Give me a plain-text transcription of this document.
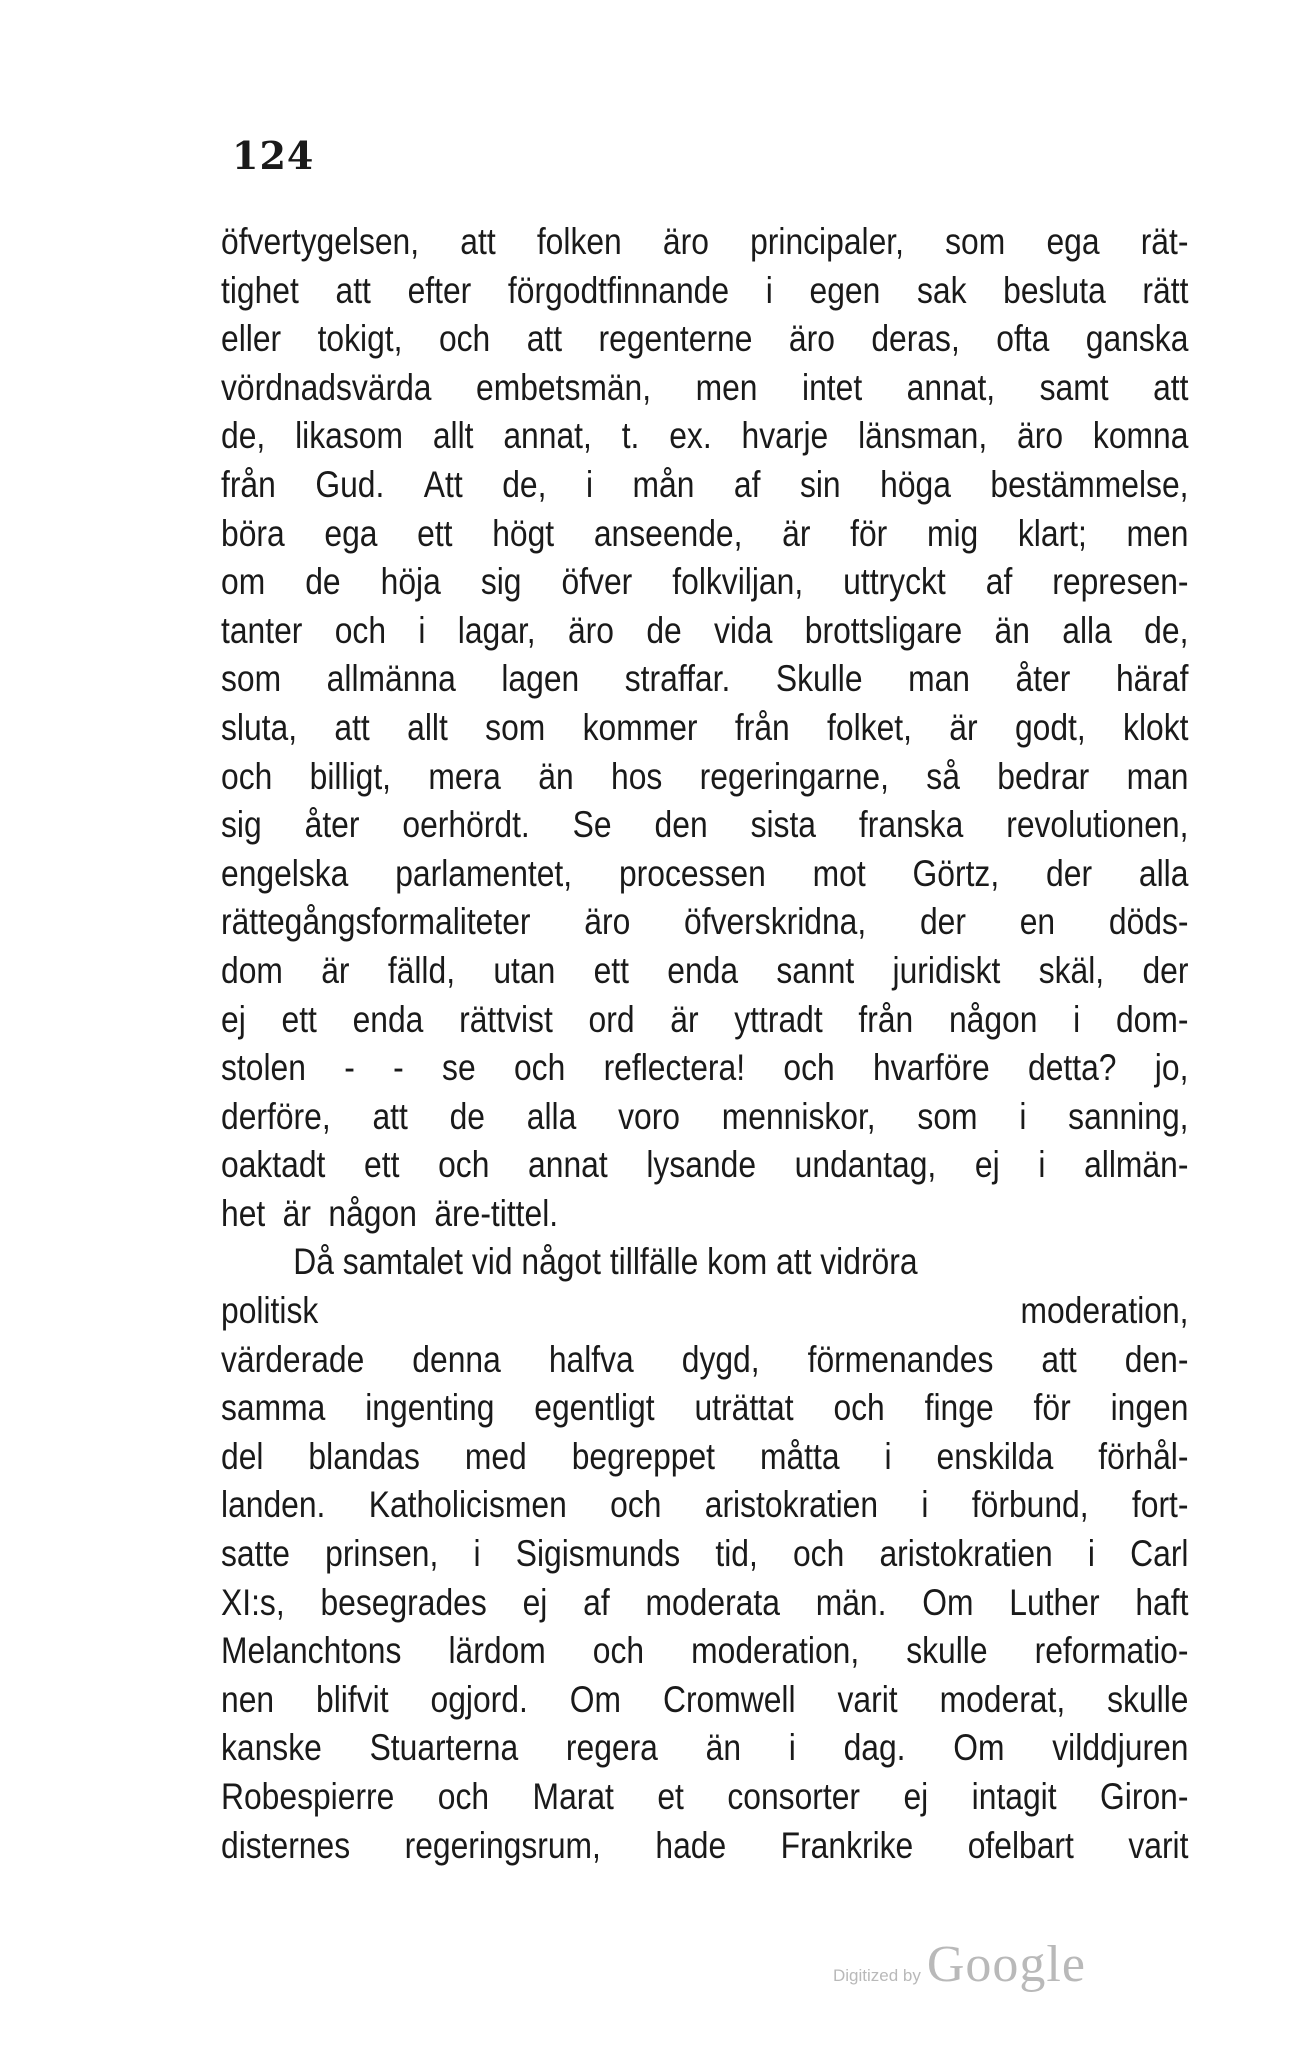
124
öfvertygelsen, att folken äro principaler, som ega rät-
tighet att efter förgodtfinnande i egen sak besluta rätt
eller tokigt, och att regenterne äro deras, ofta ganska
vördnadsvärda embetsmän, men intet annat, samt att
de, likasom allt annat, t. ex. hvarje länsman, äro komna
från Gud. Att de, i mån af sin höga bestämmelse,
böra ega ett högt anseende, är för mig klart; men
om de höja sig öfver folkviljan, uttryckt af represen-
tanter och i lagar, äro de vida brottsligare än alla de,
som allmänna lagen straffar. Skulle man åter häraf
sluta, att allt som kommer från folket, är godt, klokt
och billigt, mera än hos regeringarne, så bedrar man
sig åter oerhördt. Se den sista franska revolutionen,
engelska parlamentet, processen mot Görtz, der alla
rättegångsformaliteter äro öfverskridna, der en döds-
dom är fälld, utan ett enda sannt juridiskt skäl, der
ej ett enda rättvist ord är yttradt från någon i dom-
stolen - - se och reflectera! och hvarföre detta? jo,
derföre, att de alla voro menniskor, som i sanning,
oaktadt ett och annat lysande undantag, ej i allmän-
het är någon äre-tittel.
Då samtalet vid något tillfälle kom att vidröra
politisk	moderation,
värderade denna halfva dygd, förmenandes att den-
samma ingenting egentligt uträttat och finge för ingen
del blandas med begreppet måtta i enskilda förhål-
landen. Katholicismen och aristokratien i förbund, fort-
satte prinsen, i Sigismunds tid, och aristokratien i Carl
XI:s, besegrades ej af moderata män. Om Luther haft
Melanchtons lärdom och moderation, skulle reformatio-
nen blifvit ogjord. Om Cromwell varit moderat, skulle
kanske Stuarterna regera än i dag. Om vilddjuren
Robespierre och Marat et consorter ej intagit Giron-
disternes regeringsrum, hade Frankrike ofelbart varit
Digitized by Google
